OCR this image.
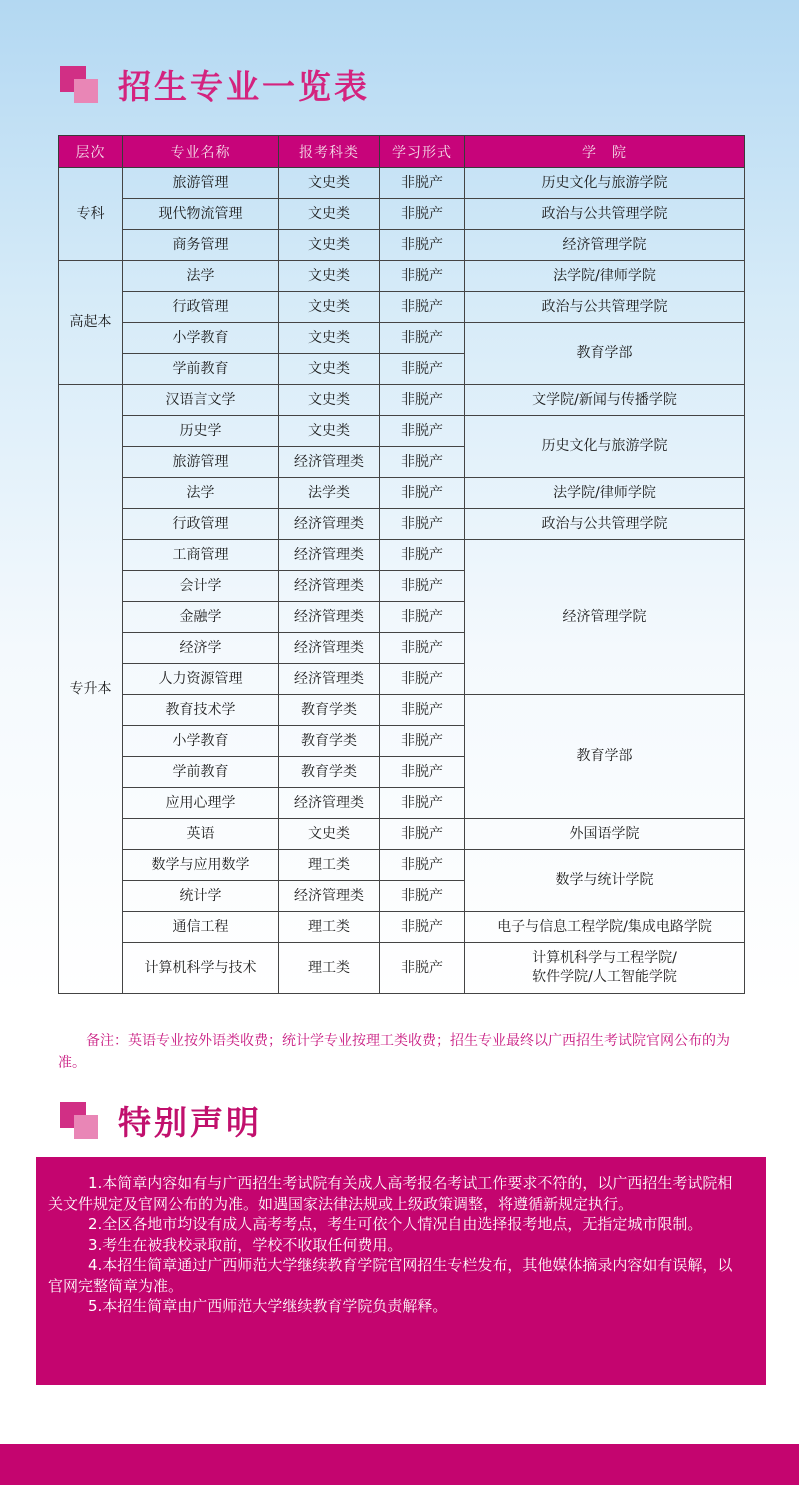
招生专业一览表
层次	专业名称	报考科类	学习形式	学　院
专科	旅游管理	文史类	非脱产	历史文化与旅游学院
	现代物流管理	文史类	非脱产	政治与公共管理学院
	商务管理	文史类	非脱产	经济管理学院
高起本	法学	文史类	非脱产	法学院/律师学院
	行政管理	文史类	非脱产	政治与公共管理学院
	小学教育	文史类	非脱产	教育学部
	学前教育	文史类	非脱产	
专升本	汉语言文学	文史类	非脱产	文学院/新闻与传播学院
	历史学	文史类	非脱产	历史文化与旅游学院
	旅游管理	经济管理类	非脱产	
	法学	法学类	非脱产	法学院/律师学院
	行政管理	经济管理类	非脱产	政治与公共管理学院
	工商管理	经济管理类	非脱产	经济管理学院
	会计学	经济管理类	非脱产	
	金融学	经济管理类	非脱产	
	经济学	经济管理类	非脱产	
	人力资源管理	经济管理类	非脱产	
	教育技术学	教育学类	非脱产	教育学部
	小学教育	教育学类	非脱产	
	学前教育	教育学类	非脱产	
	应用心理学	经济管理类	非脱产	
	英语	文史类	非脱产	外国语学院
	数学与应用数学	理工类	非脱产	数学与统计学院
	统计学	经济管理类	非脱产	
	通信工程	理工类	非脱产	电子与信息工程学院/集成电路学院
	计算机科学与技术	理工类	非脱产	计算机科学与工程学院/
软件学院/人工智能学院

备注：英语专业按外语类收费；统计学专业按理工类收费；招生专业最终以广西招生考试院官网公布的为准。

特别声明

1.本简章内容如有与广西招生考试院有关成人高考报名考试工作要求不符的，以广西招生考试院相关文件规定及官网公布的为准。如遇国家法律法规或上级政策调整，将遵循新规定执行。

2.全区各地市均设有成人高考考点，考生可依个人情况自由选择报考地点，无指定城市限制。

3.考生在被我校录取前，学校不收取任何费用。

4.本招生简章通过广西师范大学继续教育学院官网招生专栏发布，其他媒体摘录内容如有误解，以官网完整简章为准。

5.本招生简章由广西师范大学继续教育学院负责解释。
